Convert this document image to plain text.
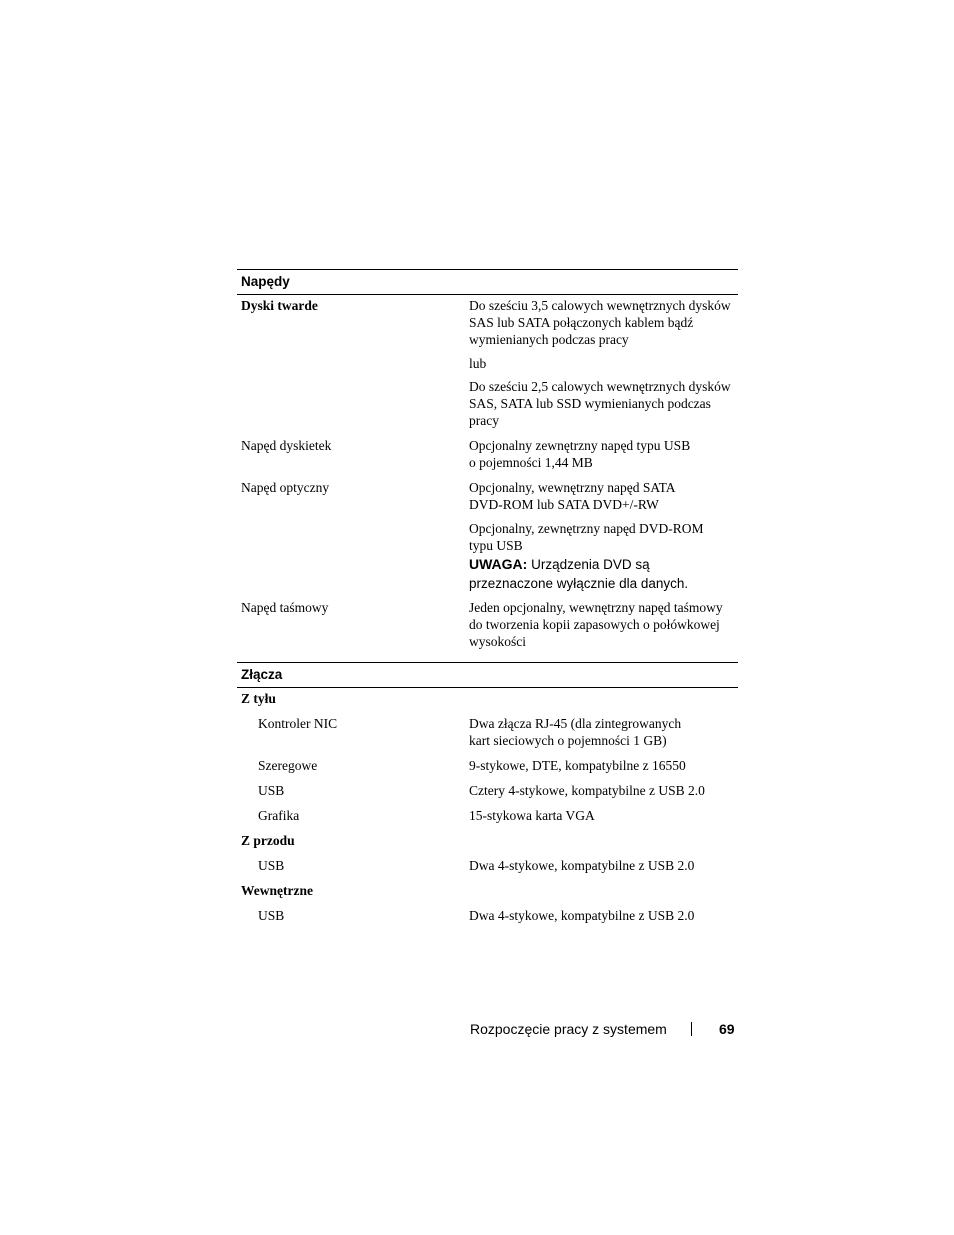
Napędy
Dyski twarde	Do sześciu 3,5 calowych wewnętrznych dysków
SAS lub SATA połączonych kablem bądź
wymienianych podczas pracy
lub
Do sześciu 2,5 calowych wewnętrznych dysków
SAS, SATA lub SSD wymienianych podczas
pracy
Napęd dyskietek	Opcjonalny zewnętrzny napęd typu USB
o pojemności 1,44 MB
Napęd optyczny	Opcjonalny, wewnętrzny napęd SATA
DVD-ROM lub SATA DVD+/-RW
Opcjonalny, zewnętrzny napęd DVD-ROM
typu USB
UWAGA: Urządzenia DVD są
przeznaczone wyłącznie dla danych.
Napęd taśmowy	Jeden opcjonalny, wewnętrzny napęd taśmowy
do tworzenia kopii zapasowych o połówkowej
wysokości
Złącza
Z tyłu
Kontroler NIC	Dwa złącza RJ-45 (dla zintegrowanych
kart sieciowych o pojemności 1 GB)
Szeregowe	9-stykowe, DTE, kompatybilne z 16550
USB	Cztery 4-stykowe, kompatybilne z USB 2.0
Grafika	15-stykowa karta VGA
Z przodu
USB	Dwa 4-stykowe, kompatybilne z USB 2.0
Wewnętrzne
USB	Dwa 4-stykowe, kompatybilne z USB 2.0
Rozpoczęcie pracy z systemem	69
